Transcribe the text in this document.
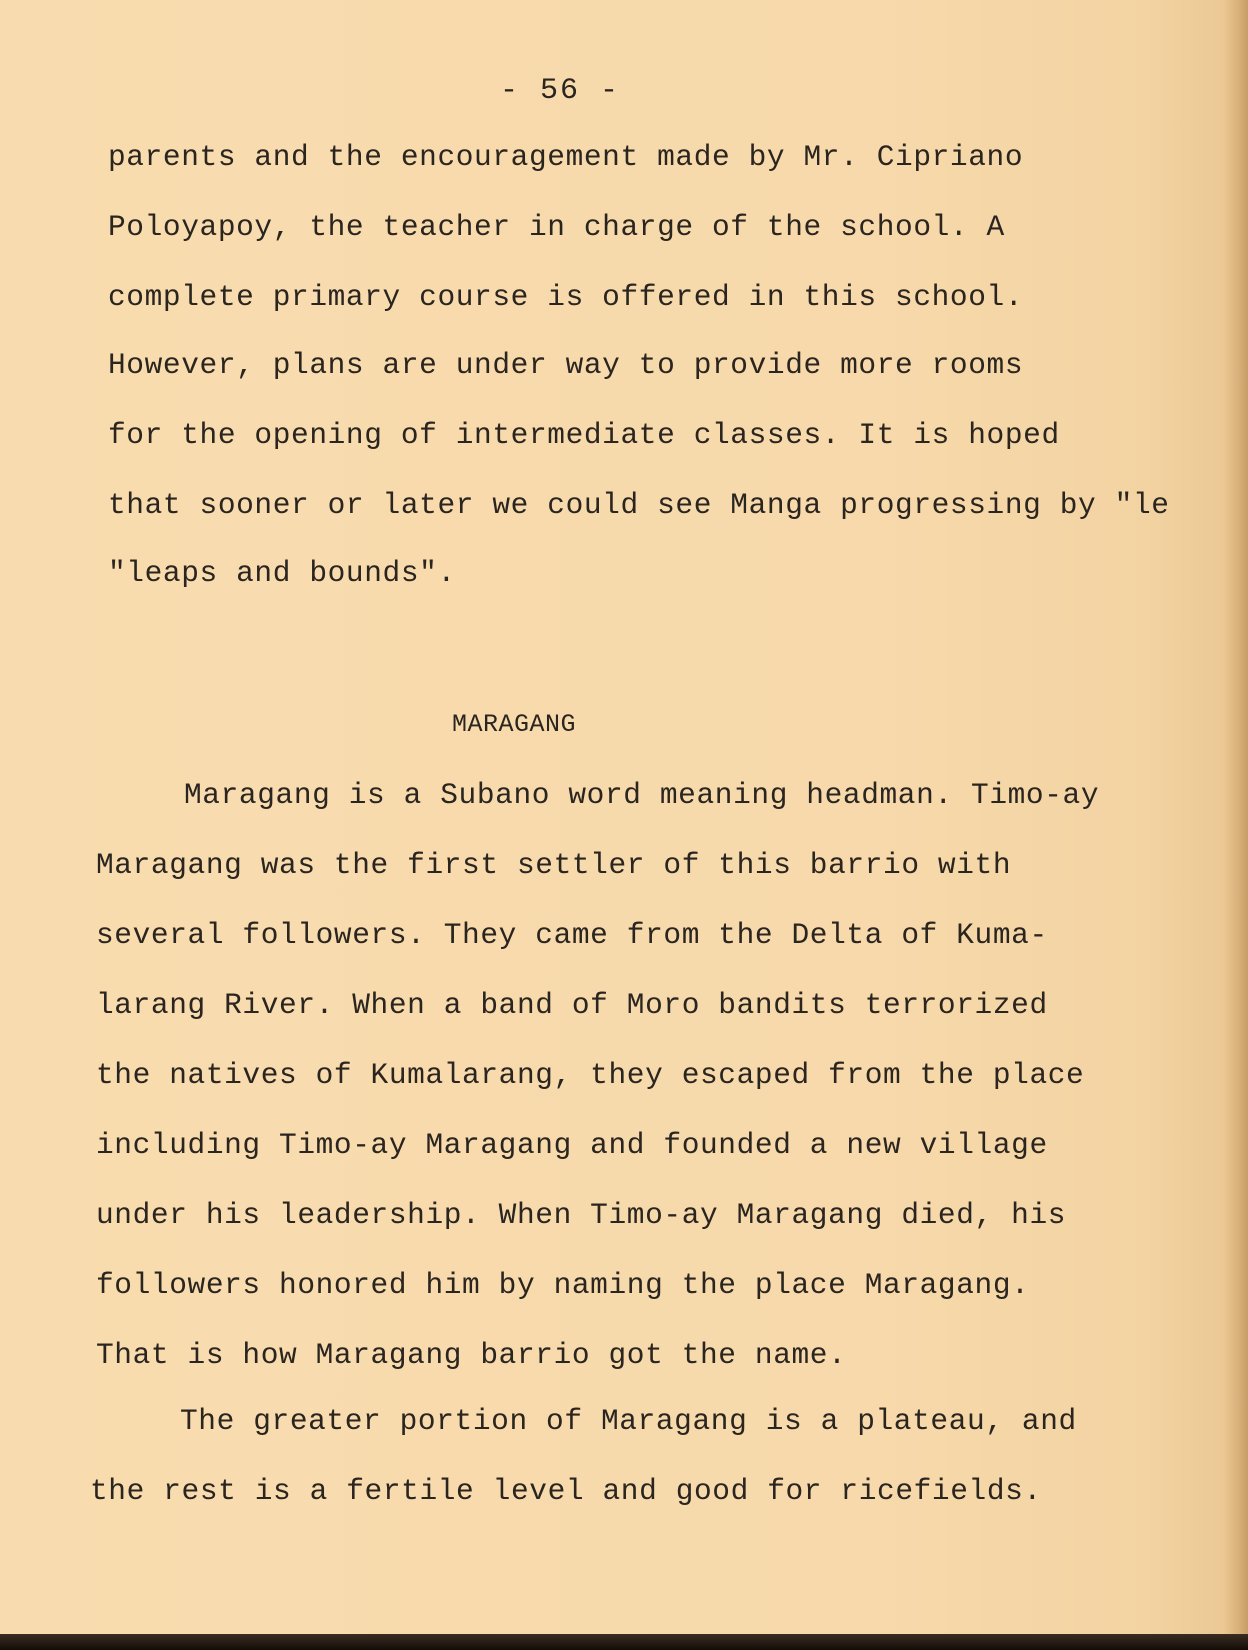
- 56 -
parents and the encouragement made by Mr. Cipriano
Poloyapoy, the teacher in charge of the school. A
complete primary course is offered in this school.
However, plans are under way to provide more rooms
for the opening of intermediate classes. It is hoped
that sooner or later we could see Manga progressing by "le
"leaps and bounds".
MARAGANG
Maragang is a Subano word meaning headman. Timo-ay
Maragang was the first settler of this barrio with
several followers. They came from the Delta of Kuma-
larang River. When a band of Moro bandits terrorized
the natives of Kumalarang, they escaped from the place
including Timo-ay Maragang and founded a new village
under his leadership. When Timo-ay Maragang died, his
followers honored him by naming the place Maragang.
That is how Maragang barrio got the name.
The greater portion of Maragang is a plateau, and
the rest is a fertile level and good for ricefields.
